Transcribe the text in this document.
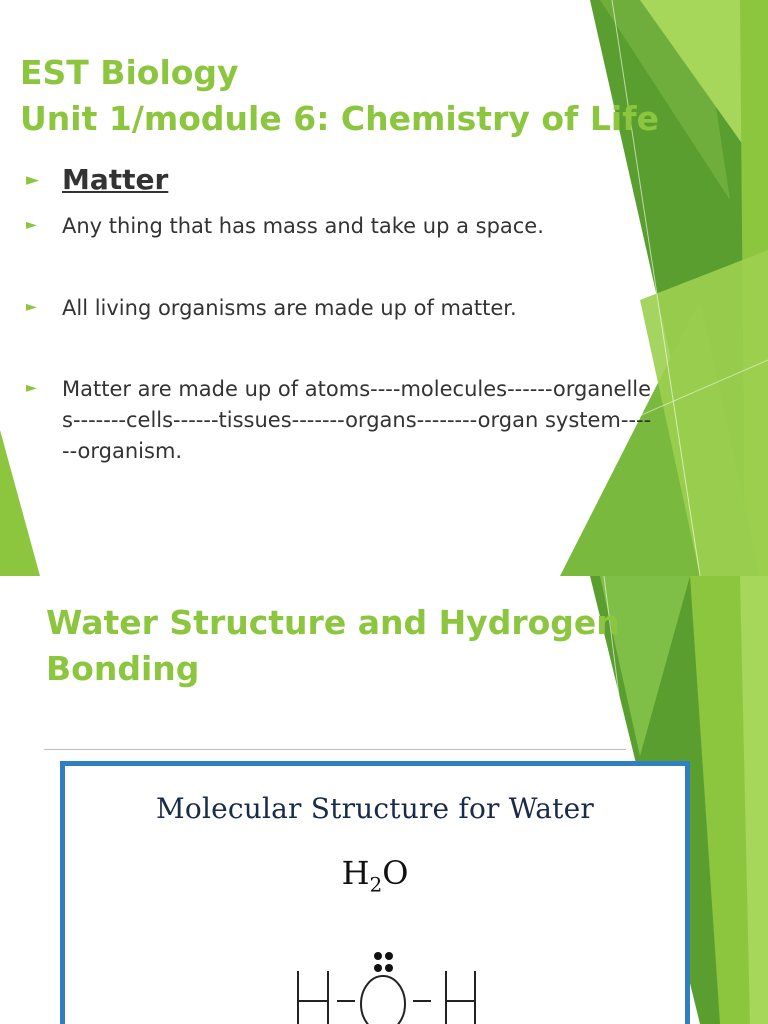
EST Biology
Unit 1/module 6: Chemistry of Life
► Matter
►	Any thing that has mass and take up a space.
►	All living organisms are made up of matter.
►	Matter are made up of atoms----molecules------organelles-------cells------tissues-------organs--------organ system------organism.
Water Structure and Hydrogen
Bonding
Molecular Structure for Water
$H_2O$
